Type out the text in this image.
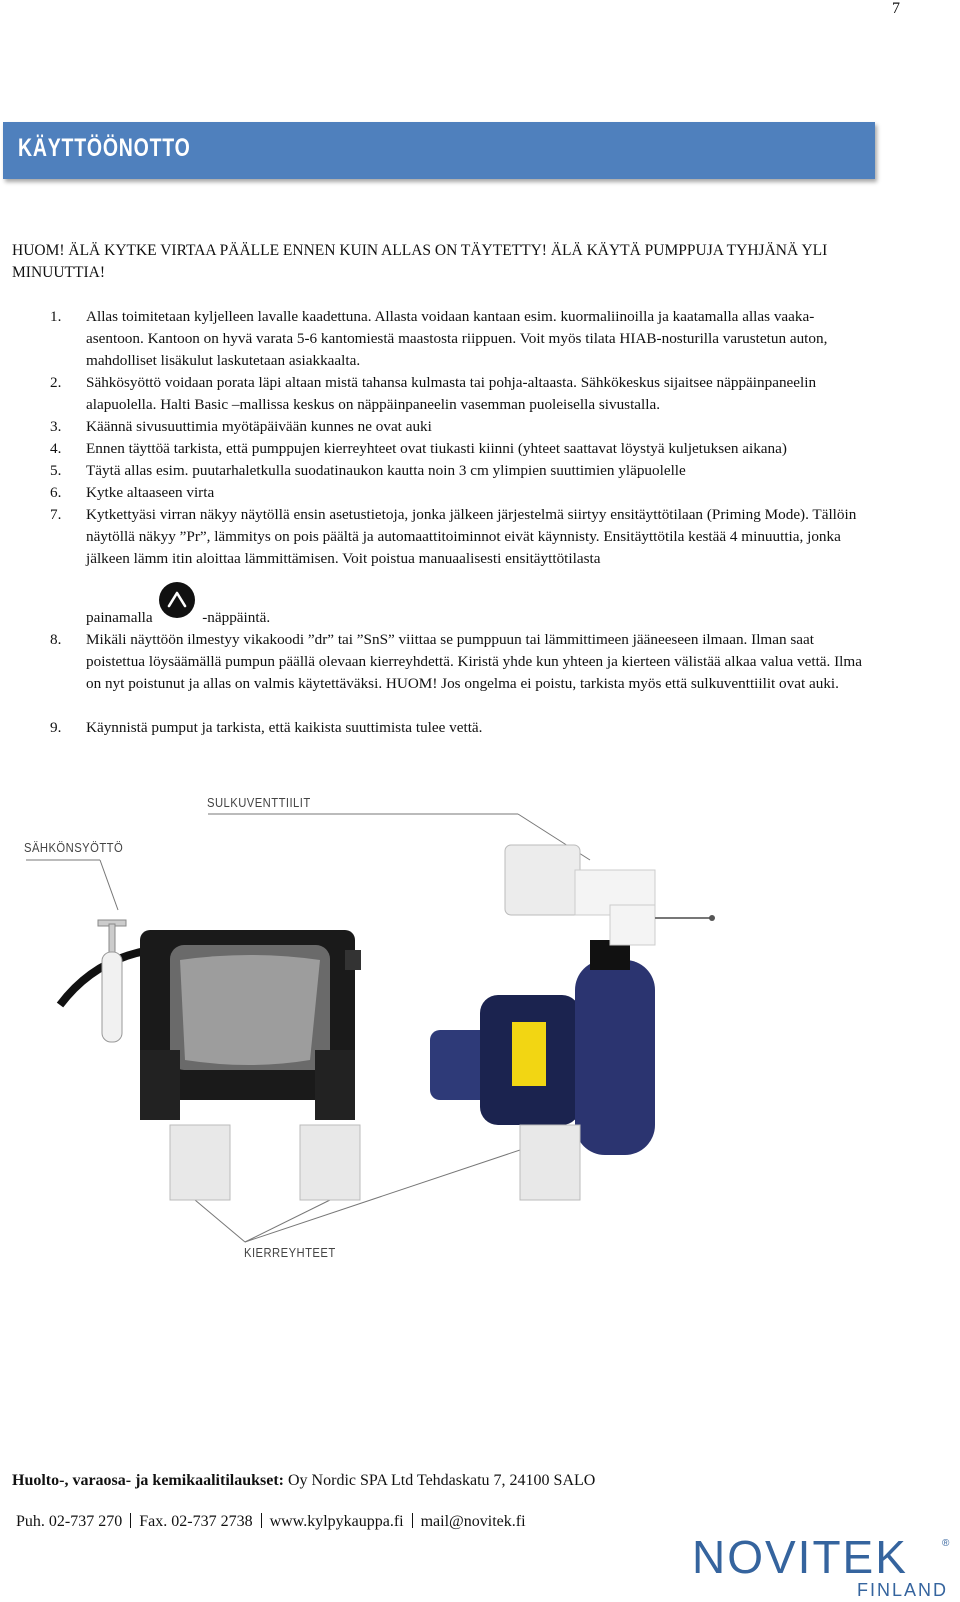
7
KÄYTTÖÖNOTTO
HUOM! ÄLÄ KYTKE VIRTAA PÄÄLLE ENNEN KUIN ALLAS ON TÄYTETTY! ÄLÄ KÄYTÄ PUMPPUJA TYHJÄNÄ YLI MINUUTTIA!
1. Allas toimitetaan kyljelleen lavalle kaadettuna. Allasta voidaan kantaan esim. kuormaliinoilla ja kaatamalla allas vaaka-asentoon. Kantoon on hyvä varata 5-6 kantomiestä maastosta riippuen. Voit myös tilata HIAB-nosturilla varustetun auton, mahdolliset lisäkulut laskutetaan asiakkaalta.
2. Sähkösyöttö voidaan porata läpi altaan mistä tahansa kulmasta tai pohja-altaasta. Sähkökeskus sijaitsee näppäinpaneelin alapuolella. Halti Basic –mallissa keskus on näppäinpaneelin vasemman puoleisella sivustalla.
3. Käännä sivusuuttimia myötäpäivään kunnes ne ovat auki
4. Ennen täyttöä tarkista, että pumppujen kierreyhteet ovat tiukasti kiinni (yhteet saattavat löystyä kuljetuksen aikana)
5. Täytä allas esim. puutarhaletkulla suodatinaukon kautta noin 3 cm ylimpien suuttimien yläpuolelle
6. Kytke altaaseen virta
7. Kytkettyäsi virran näkyy näytöllä ensin asetustietoja, jonka jälkeen järjestelmä siirtyy ensitäyttötilaan (Priming Mode). Tällöin näytöllä näkyy ”Pr”, lämmitys on pois päältä ja automaattitoiminnot eivät käynnisty. Ensitäyttötila kestää 4 minuuttia, jonka jälkeen lämm itin aloittaa lämmittämisen. Voit poistua manuaalisesti ensitäyttötilasta
painamalla	-näppäintä.
8. Mikäli näyttöön ilmestyy vikakoodi ”dr” tai ”SnS” viittaa se pumppuun tai lämmittimeen jääneeseen ilmaan. Ilman saat poistettua löysäämällä pumpun päällä olevaan kierreyhdettä. Kiristä yhde kun yhteen ja kierteen välistää alkaa valua vettä. Ilma on nyt poistunut ja allas on valmis käytettäväksi. HUOM! Jos ongelma ei poistu, tarkista myös että sulkuventtiilit ovat auki.
9. Käynnistä pumput ja tarkista, että kaikista suuttimista tulee vettä.
SULKUVENTTIILIT
SÄHKÖNSYÖTTÖ
KIERREYHTEET
Huolto-, varaosa- ja kemikaalitilaukset: Oy Nordic SPA Ltd Tehdaskatu 7, 24100 SALO
Puh. 02-737 270 Fax. 02-737 2738 www.kylpykauppa.fi mail@novitek.fi
NOVITEK	®
FINLAND
